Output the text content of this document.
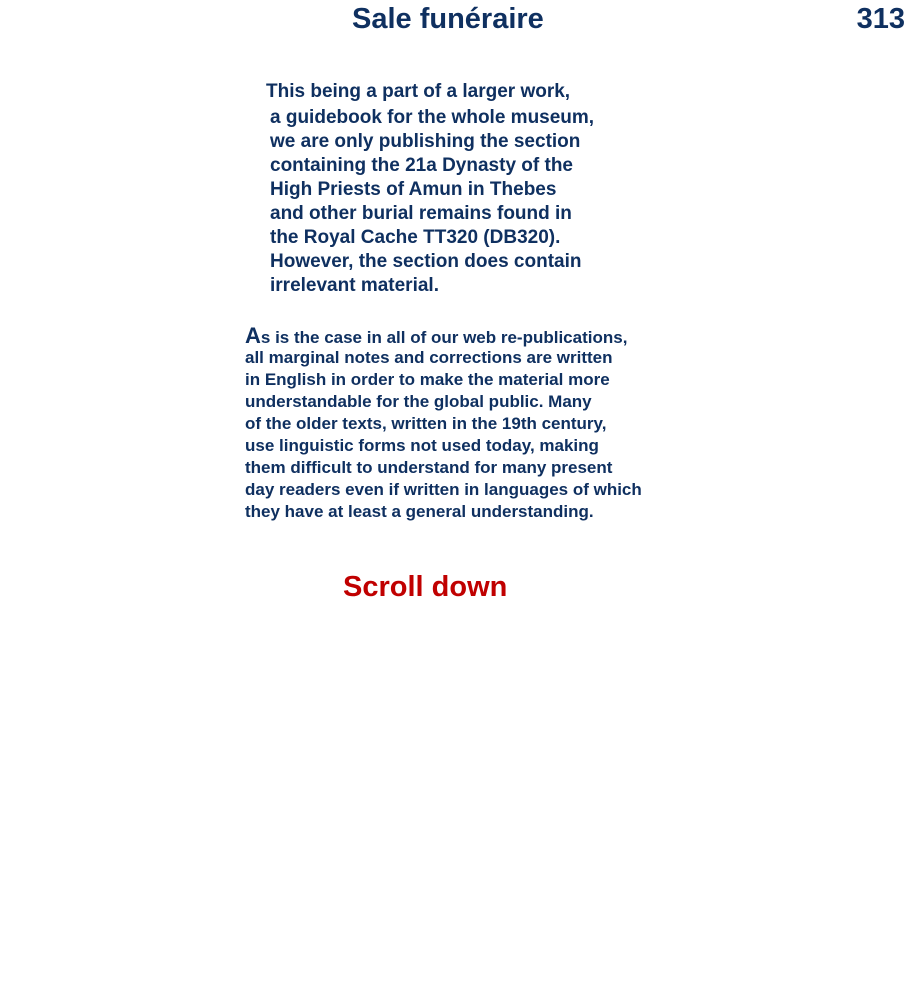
Sale funéraire	313
This being a part of a larger work,
a guidebook for the whole museum,
we are only publishing the section
containing the 21a Dynasty of the
High Priests of Amun in Thebes
and other burial remains found in
the Royal Cache TT320 (DB320).
However, the section does contain
irrelevant material.
As is the case in all of our web re-publications,
all marginal notes and corrections are written
in English in order to make the material more
understandable for the global public. Many
of the older texts, written in the 19th century,
use linguistic forms not used today, making
them difficult to understand for many present
day readers even if written in languages of which
they have at least a general understanding.
Scroll down
